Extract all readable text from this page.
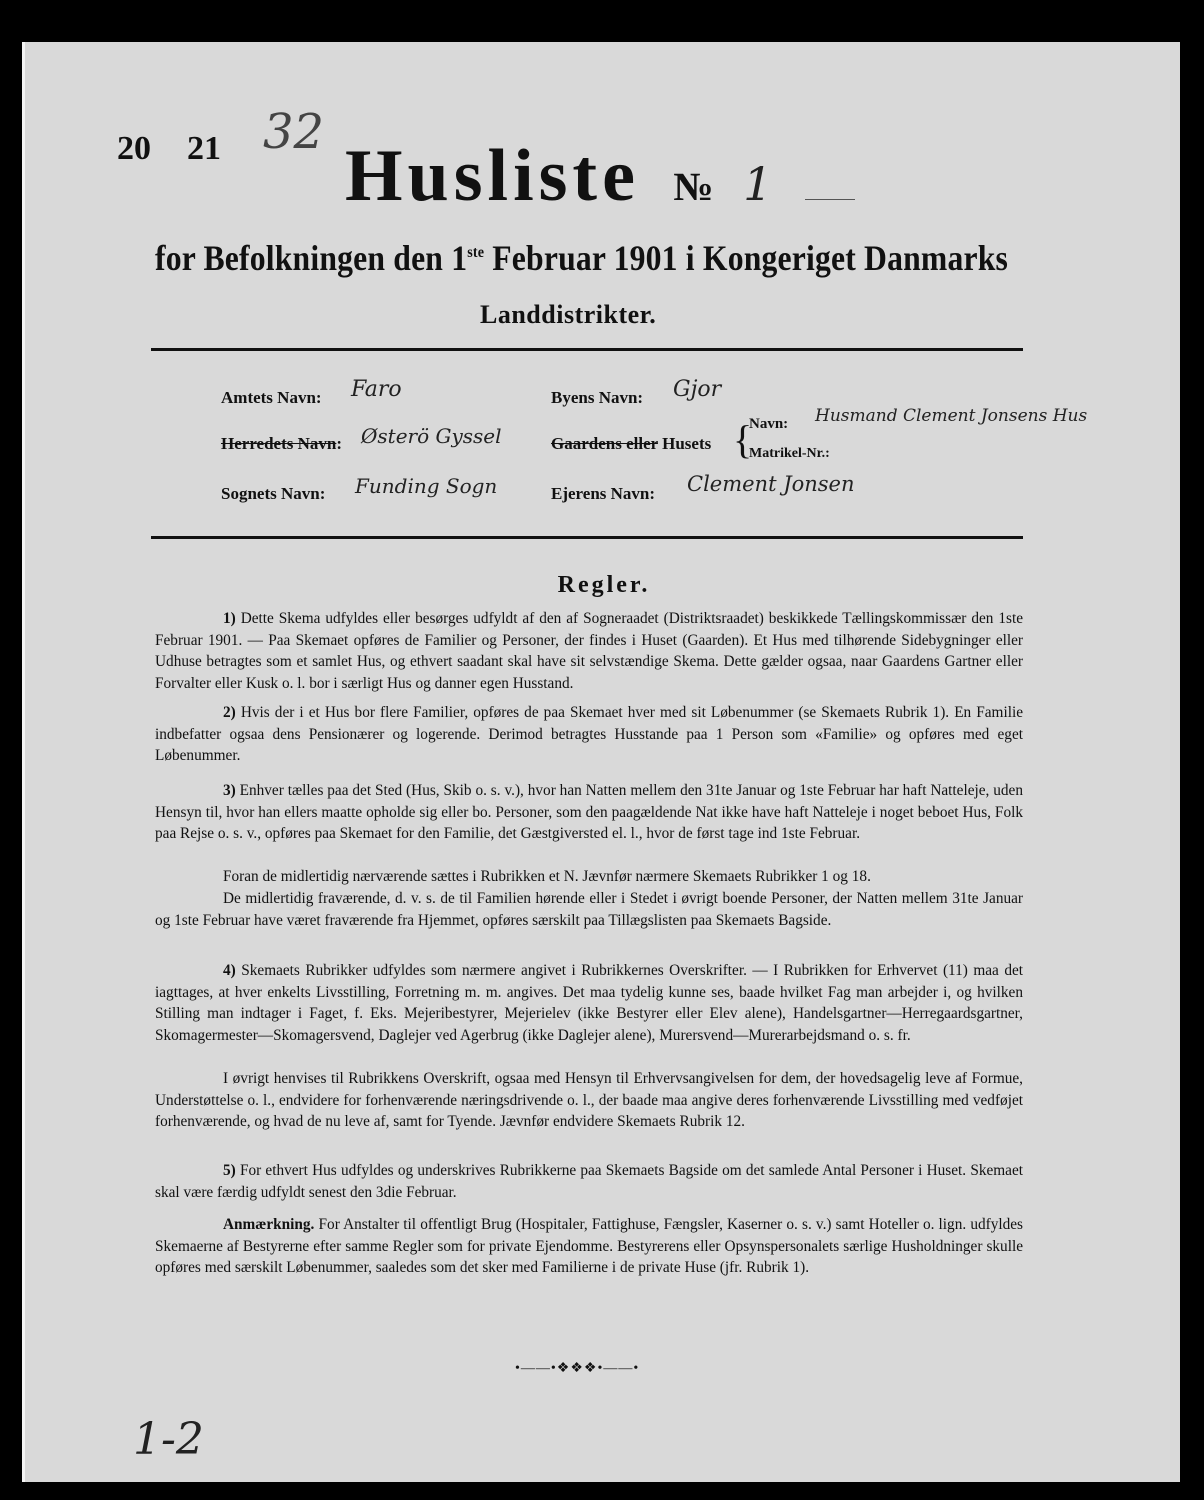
20 21 32
Husliste № 1
for Befolkningen den 1ste Februar 1901 i Kongeriget Danmarks
Landdistrikter.
Amtets Navn: Faro	Byens Navn: Gjor
Herredets Navn: Østerö Gyssel	Gaardens eller Husets {
Navn: Husmand Clement Jonsens Hus
Matrikel-Nr.:
Sognets Navn: Funding Sogn	Ejerens Navn: Clement Jonsen
Regler.

1) Dette Skema udfyldes eller besørges udfyldt af den af Sogneraadet (Distriktsraadet) beskikkede Tællingskommissær den 1ste Februar 1901. — Paa Skemaet opføres de Familier og Personer, der findes i Huset (Gaarden). Et Hus med tilhørende Sidebygninger eller Udhuse betragtes som et samlet Hus, og ethvert saadant skal have sit selvstændige Skema. Dette gælder ogsaa, naar Gaardens Gartner eller Forvalter eller Kusk o. l. bor i særligt Hus og danner egen Husstand.

2) Hvis der i et Hus bor flere Familier, opføres de paa Skemaet hver med sit Løbenummer (se Skemaets Rubrik 1). En Familie indbefatter ogsaa dens Pensionærer og logerende. Derimod betragtes Husstande paa 1 Person som «Familie» og opføres med eget Løbenummer.

3) Enhver tælles paa det Sted (Hus, Skib o. s. v.), hvor han Natten mellem den 31te Januar og 1ste Februar har haft Natteleje, uden Hensyn til, hvor han ellers maatte opholde sig eller bo. Personer, som den paagældende Nat ikke have haft Natteleje i noget beboet Hus, Folk paa Rejse o. s. v., opføres paa Skemaet for den Familie, det Gæstgiversted el. l., hvor de først tage ind 1ste Februar.

Foran de midlertidig nærværende sættes i Rubrikken et N. Jævnfør nærmere Skemaets Rubrikker 1 og 18.

De midlertidig fraværende, d. v. s. de til Familien hørende eller i Stedet i øvrigt boende Personer, der Natten mellem 31te Januar og 1ste Februar have været fraværende fra Hjemmet, opføres særskilt paa Tillægslisten paa Skemaets Bagside.

4) Skemaets Rubrikker udfyldes som nærmere angivet i Rubrikkernes Overskrifter. — I Rubrikken for Erhvervet (11) maa det iagttages, at hver enkelts Livsstilling, Forretning m. m. angives. Det maa tydelig kunne ses, baade hvilket Fag man arbejder i, og hvilken Stilling man indtager i Faget, f. Eks. Mejeribestyrer, Mejerielev (ikke Bestyrer eller Elev alene), Handelsgartner—Herregaardsgartner, Skomagermester—Skomagersvend, Daglejer ved Agerbrug (ikke Daglejer alene), Murersvend—Murerarbejdsmand o. s. fr.

I øvrigt henvises til Rubrikkens Overskrift, ogsaa med Hensyn til Erhvervsangivelsen for dem, der hovedsagelig leve af Formue, Understøttelse o. l., endvidere for forhenværende næringsdrivende o. l., der baade maa angive deres forhenværende Livsstilling med vedføjet forhenværende, og hvad de nu leve af, samt for Tyende. Jævnfør endvidere Skemaets Rubrik 12.

5) For ethvert Hus udfyldes og underskrives Rubrikkerne paa Skemaets Bagside om det samlede Antal Personer i Huset. Skemaet skal være færdig udfyldt senest den 3die Februar.

Anmærkning. For Anstalter til offentligt Brug (Hospitaler, Fattighuse, Fængsler, Kaserner o. s. v.) samt Hoteller o. lign. udfyldes Skemaerne af Bestyrerne efter samme Regler som for private Ejendomme. Bestyrerens eller Opsynspersonalets særlige Husholdninger skulle opføres med særskilt Løbenummer, saaledes som det sker med Familierne i de private Huse (jfr. Rubrik 1).

•——•❖❖❖•——•
1-2
